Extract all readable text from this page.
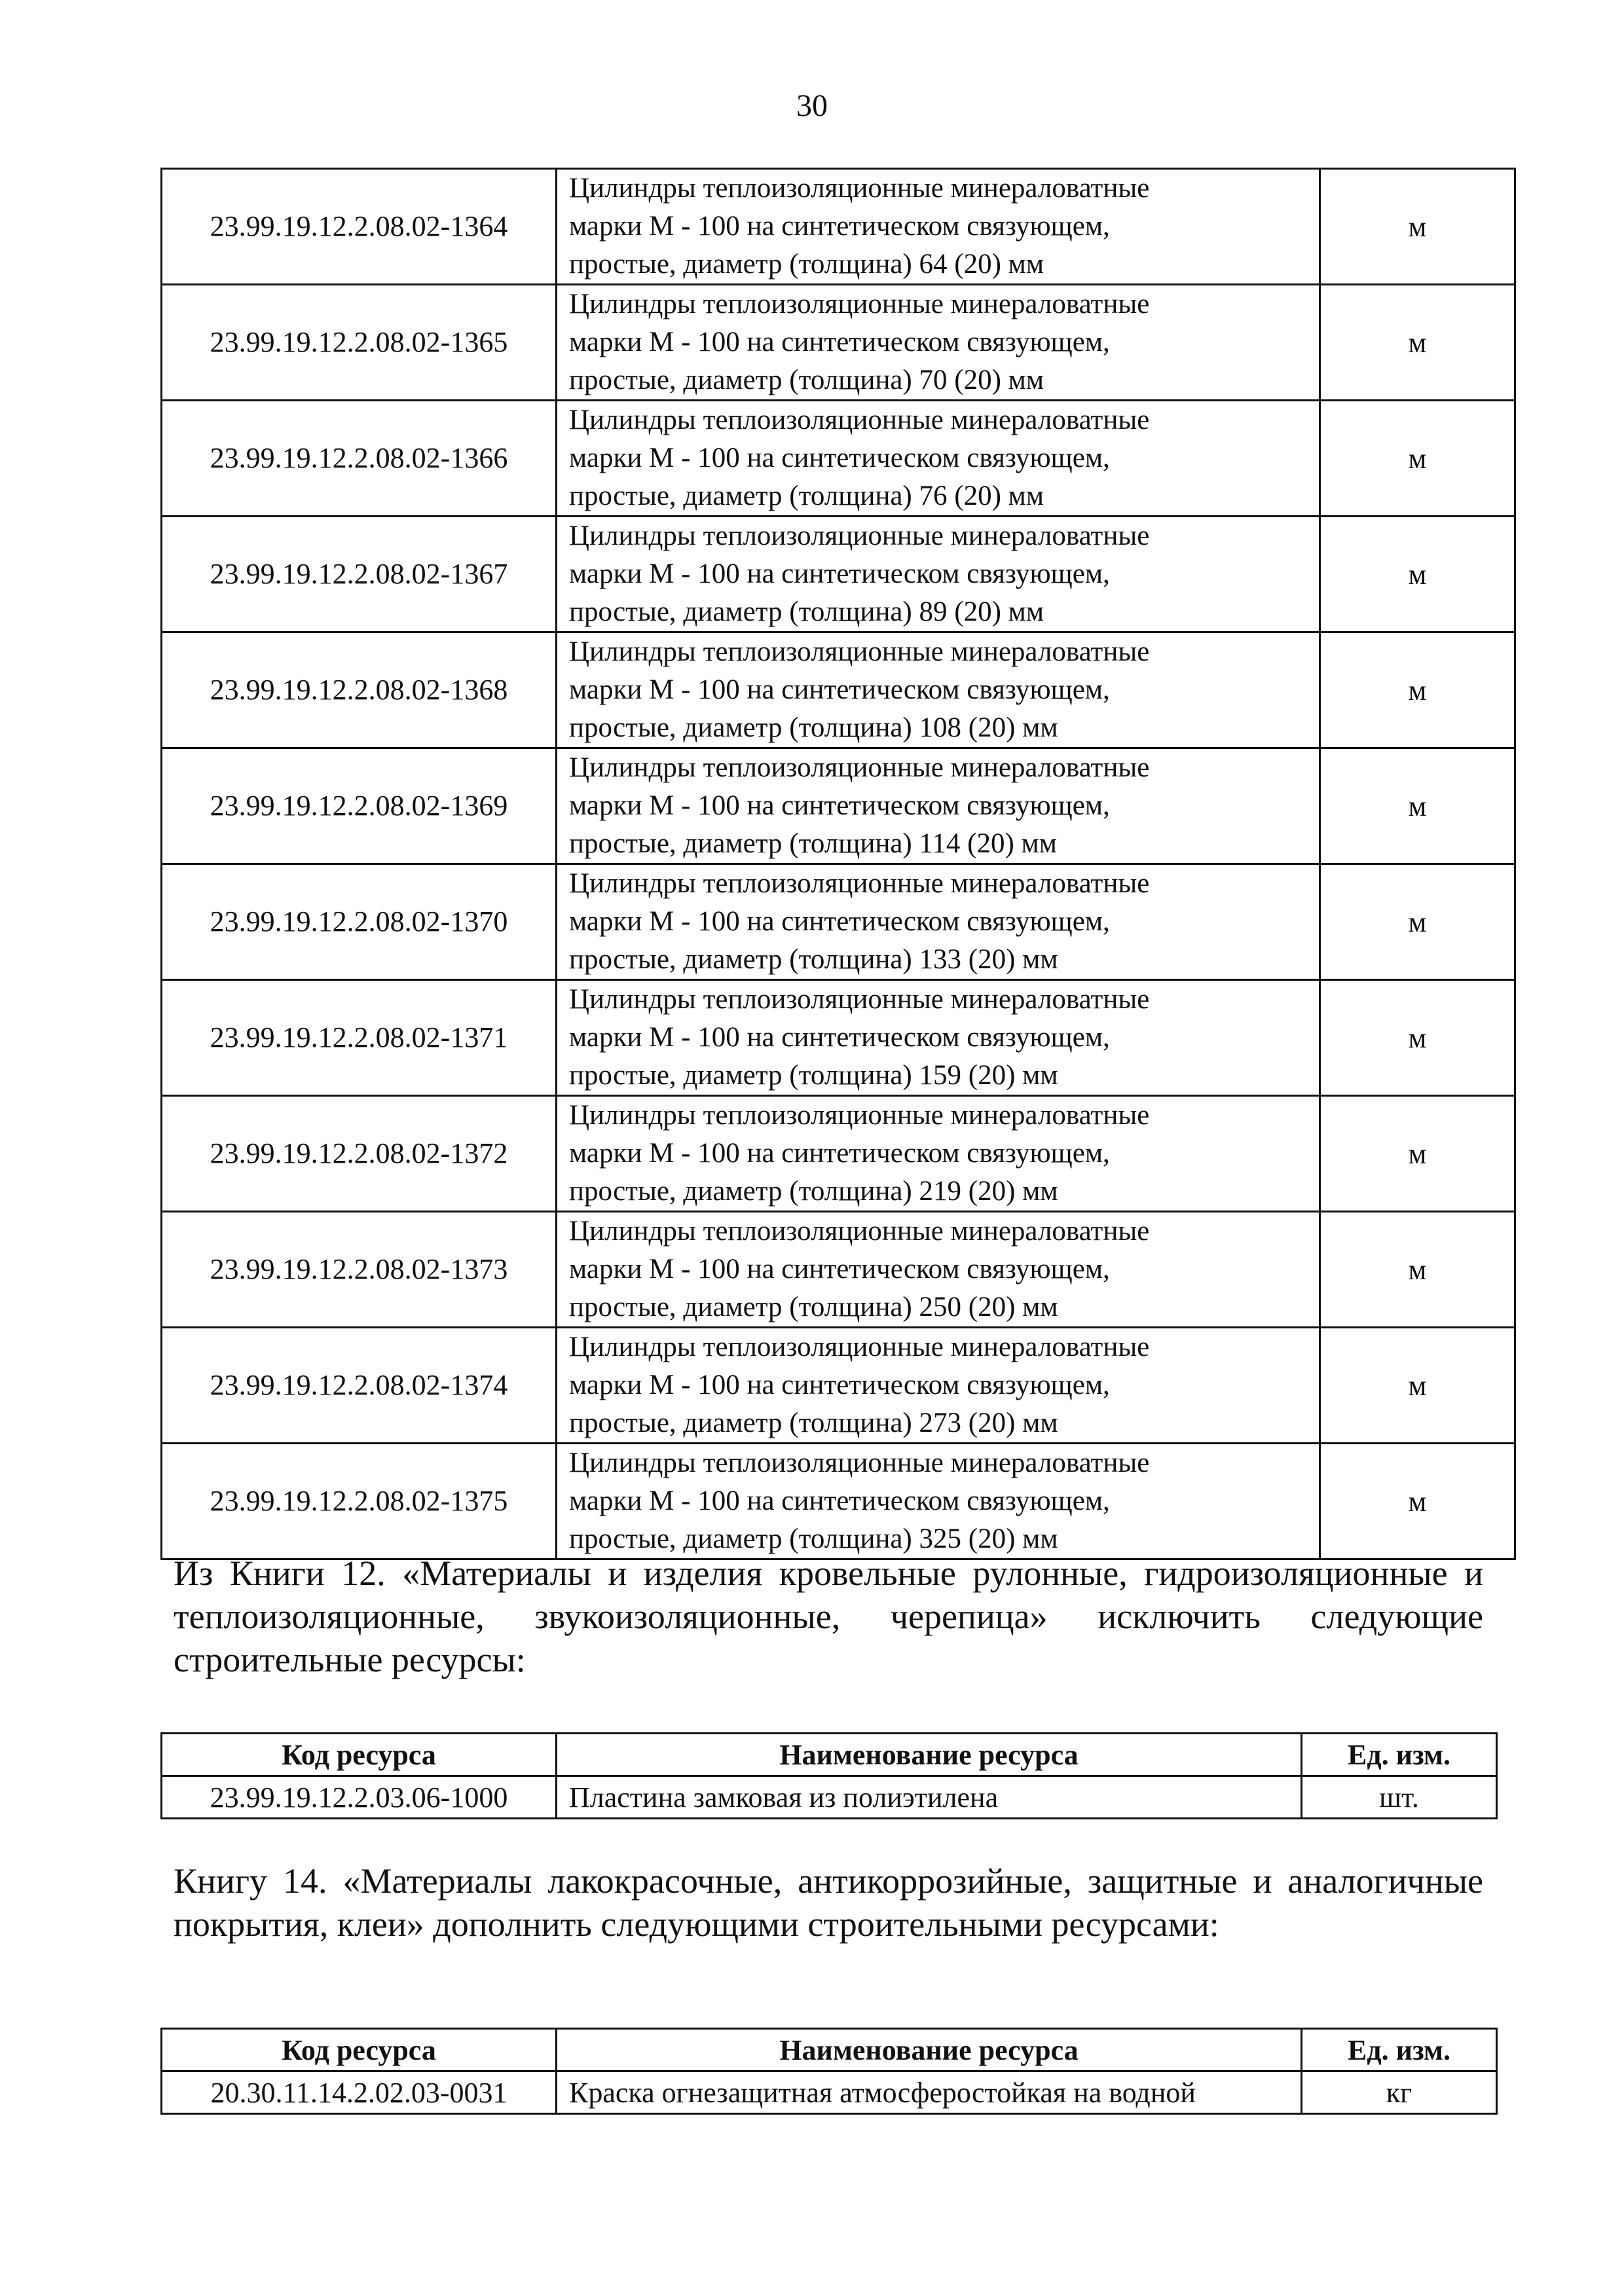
30
23.99.19.12.2.08.02-1364	Цилиндры теплоизоляционные минераловатные
марки М - 100 на синтетическом связующем,
простые, диаметр (толщина) 64 (20) мм	м
23.99.19.12.2.08.02-1365	Цилиндры теплоизоляционные минераловатные
марки М - 100 на синтетическом связующем,
простые, диаметр (толщина) 70 (20) мм	м
23.99.19.12.2.08.02-1366	Цилиндры теплоизоляционные минераловатные
марки М - 100 на синтетическом связующем,
простые, диаметр (толщина) 76 (20) мм	м
23.99.19.12.2.08.02-1367	Цилиндры теплоизоляционные минераловатные
марки М - 100 на синтетическом связующем,
простые, диаметр (толщина) 89 (20) мм	м
23.99.19.12.2.08.02-1368	Цилиндры теплоизоляционные минераловатные
марки М - 100 на синтетическом связующем,
простые, диаметр (толщина) 108 (20) мм	м
23.99.19.12.2.08.02-1369	Цилиндры теплоизоляционные минераловатные
марки М - 100 на синтетическом связующем,
простые, диаметр (толщина) 114 (20) мм	м
23.99.19.12.2.08.02-1370	Цилиндры теплоизоляционные минераловатные
марки М - 100 на синтетическом связующем,
простые, диаметр (толщина) 133 (20) мм	м
23.99.19.12.2.08.02-1371	Цилиндры теплоизоляционные минераловатные
марки М - 100 на синтетическом связующем,
простые, диаметр (толщина) 159 (20) мм	м
23.99.19.12.2.08.02-1372	Цилиндры теплоизоляционные минераловатные
марки М - 100 на синтетическом связующем,
простые, диаметр (толщина) 219 (20) мм	м
23.99.19.12.2.08.02-1373	Цилиндры теплоизоляционные минераловатные
марки М - 100 на синтетическом связующем,
простые, диаметр (толщина) 250 (20) мм	м
23.99.19.12.2.08.02-1374	Цилиндры теплоизоляционные минераловатные
марки М - 100 на синтетическом связующем,
простые, диаметр (толщина) 273 (20) мм	м
23.99.19.12.2.08.02-1375	Цилиндры теплоизоляционные минераловатные
марки М - 100 на синтетическом связующем,
простые, диаметр (толщина) 325 (20) мм	м
Из Книги 12. «Материалы и изделия кровельные рулонные, гидроизоляционные и теплоизоляционные, звукоизоляционные, черепица» исключить следующие строительные ресурсы:
Код ресурса	Наименование ресурса	Ед. изм.
23.99.19.12.2.03.06-1000	Пластина замковая из полиэтилена	шт.
Книгу 14. «Материалы лакокрасочные, антикоррозийные, защитные и аналогичные покрытия, клеи» дополнить следующими строительными ресурсами:
Код ресурса	Наименование ресурса	Ед. изм.
20.30.11.14.2.02.03-0031	Краска огнезащитная атмосферостойкая на водной	кг
